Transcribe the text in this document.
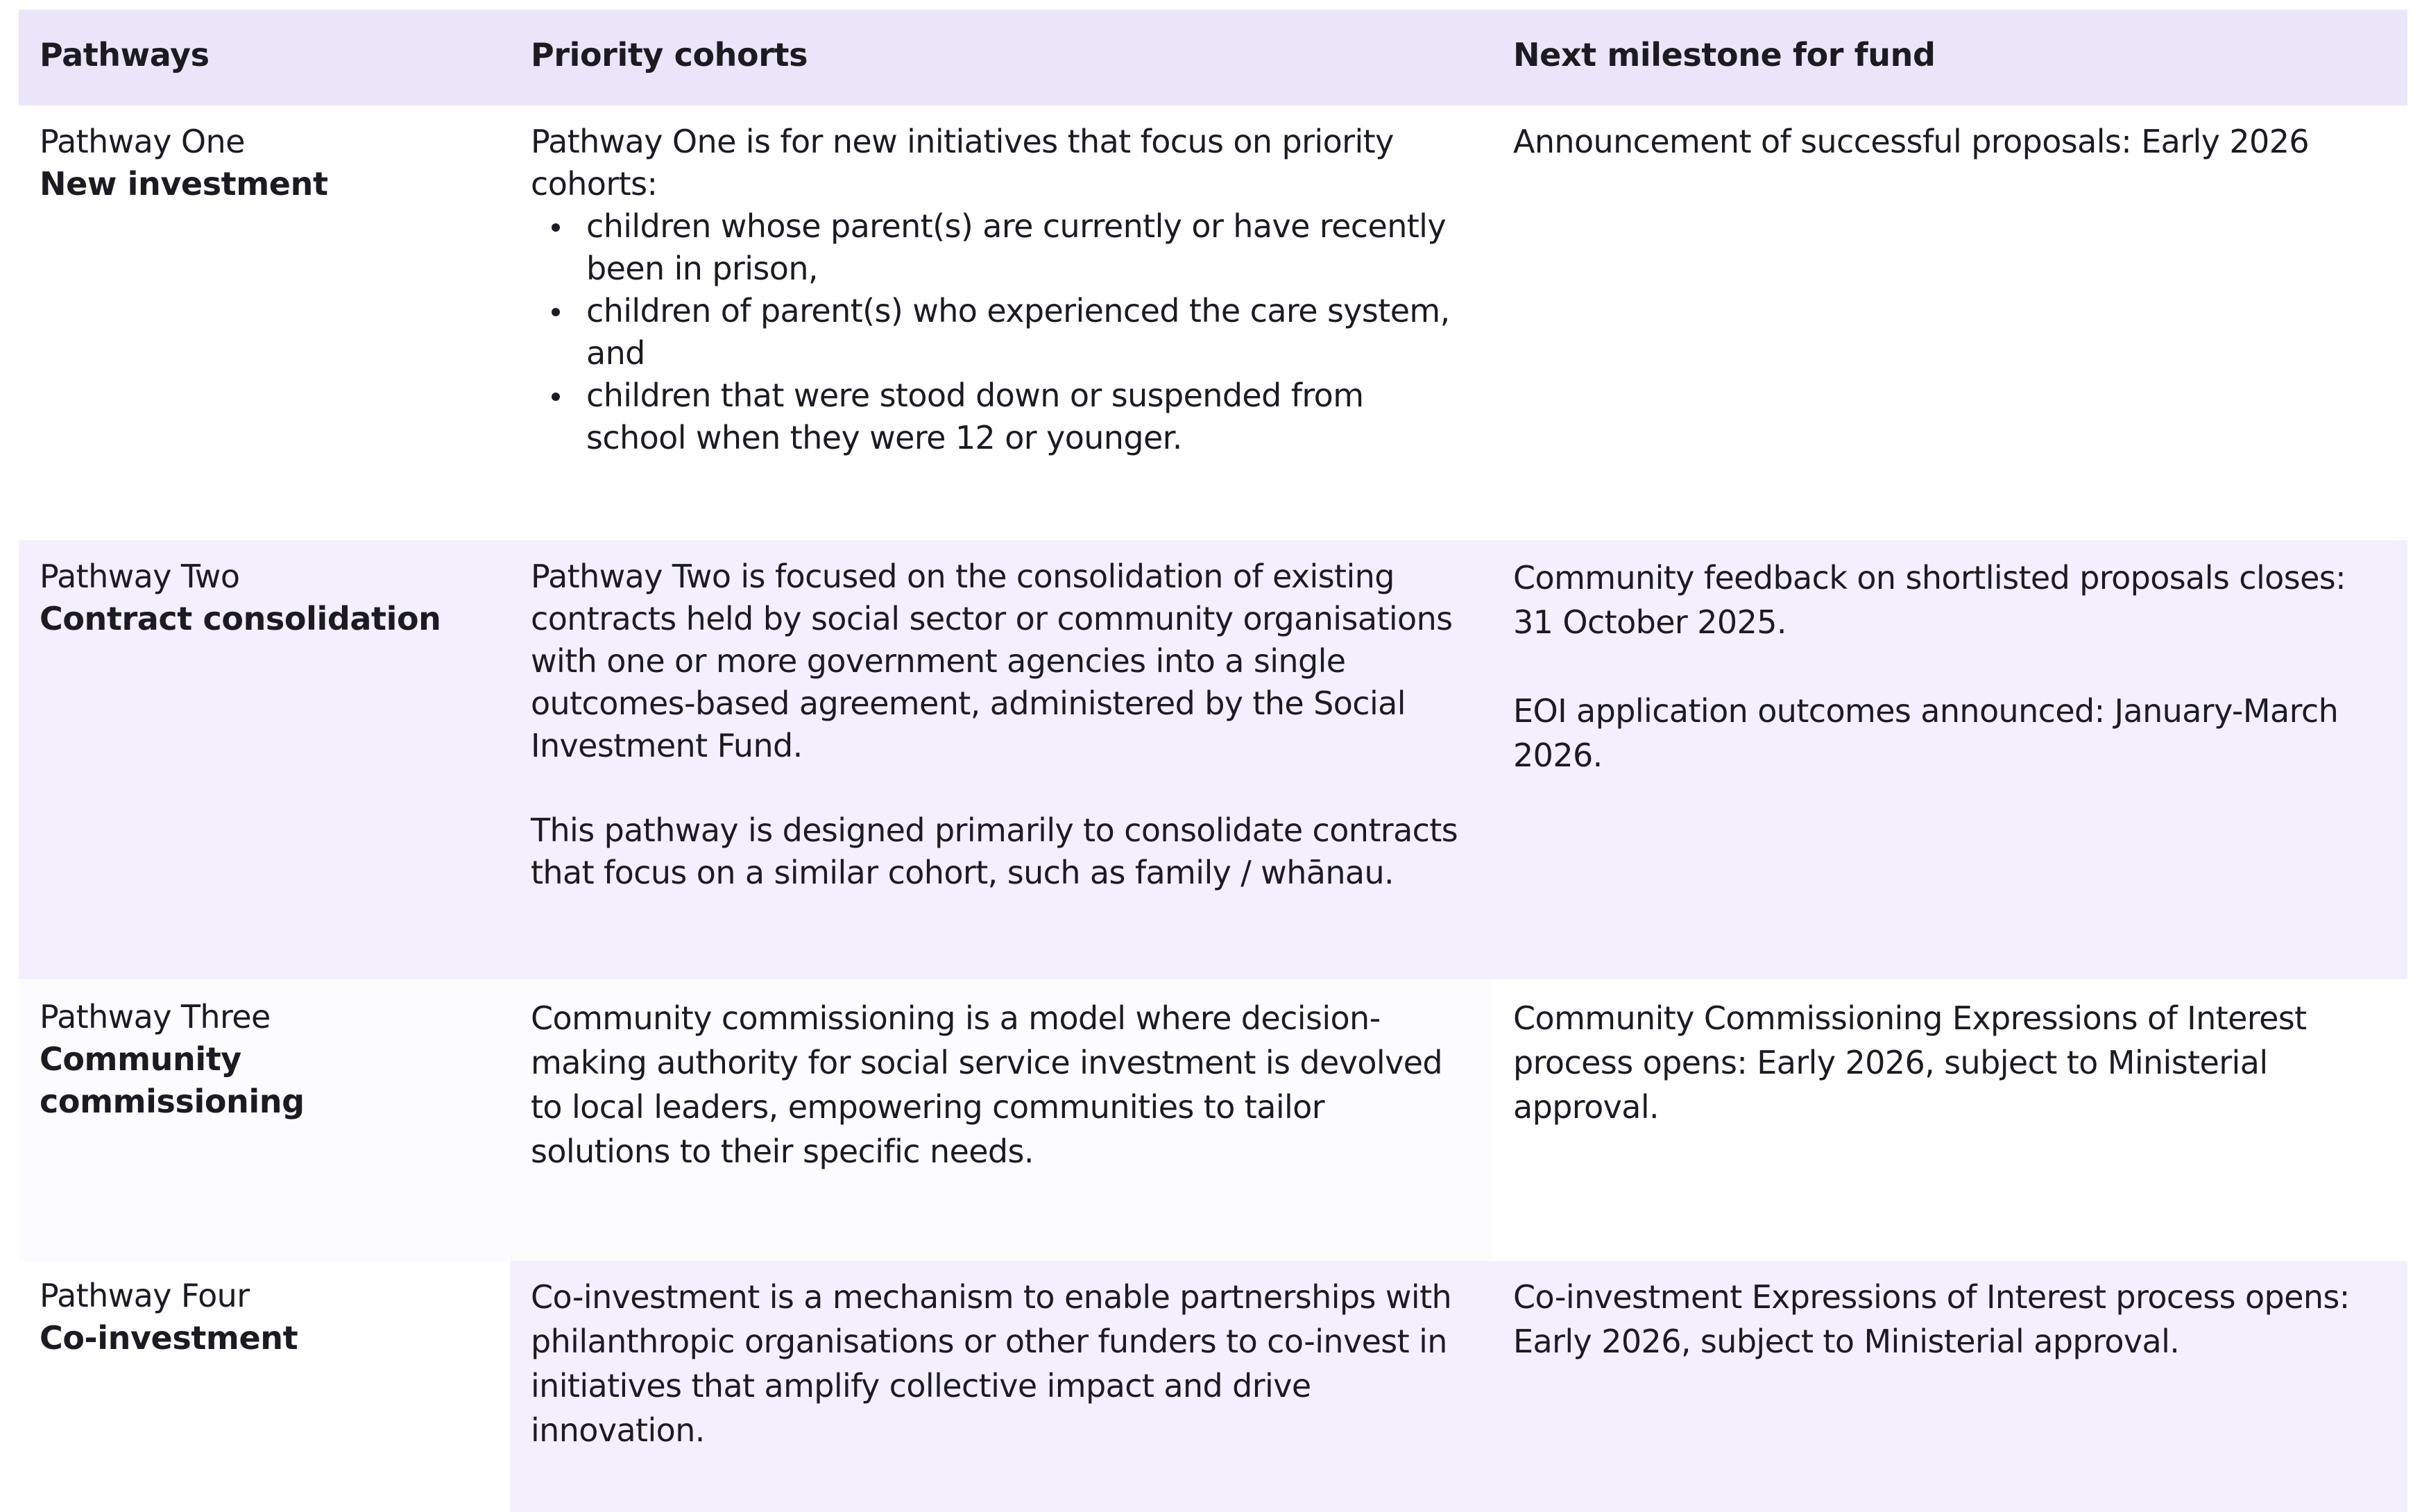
Pathways	Priority cohorts	Next milestone for fund
Pathway One
New investment
Pathway One is for new initiatives that focus on priority cohorts:
children whose parent(s) are currently or have recently been in prison,
children of parent(s) who experienced the care system, and
children that were stood down or suspended from school when they were 12 or younger.
Announcement of successful proposals: Early 2026
Pathway Two
Contract consolidation
Pathway Two is focused on the consolidation of existing contracts held by social sector or community organisations with one or more government agencies into a single outcomes-based agreement, administered by the Social Investment Fund.
This pathway is designed primarily to consolidate contracts that focus on a similar cohort, such as family / whānau.
Community feedback on shortlisted proposals closes: 31 October 2025.
EOI application outcomes announced: January-March 2026.
Pathway Three
Community commissioning
Community commissioning is a model where decision-making authority for social service investment is devolved to local leaders, empowering communities to tailor solutions to their specific needs.
Community Commissioning Expressions of Interest process opens: Early 2026, subject to Ministerial approval.
Pathway Four
Co-investment
Co-investment is a mechanism to enable partnerships with philanthropic organisations or other funders to co-invest in initiatives that amplify collective impact and drive innovation.
Co-investment Expressions of Interest process opens: Early 2026, subject to Ministerial approval.
